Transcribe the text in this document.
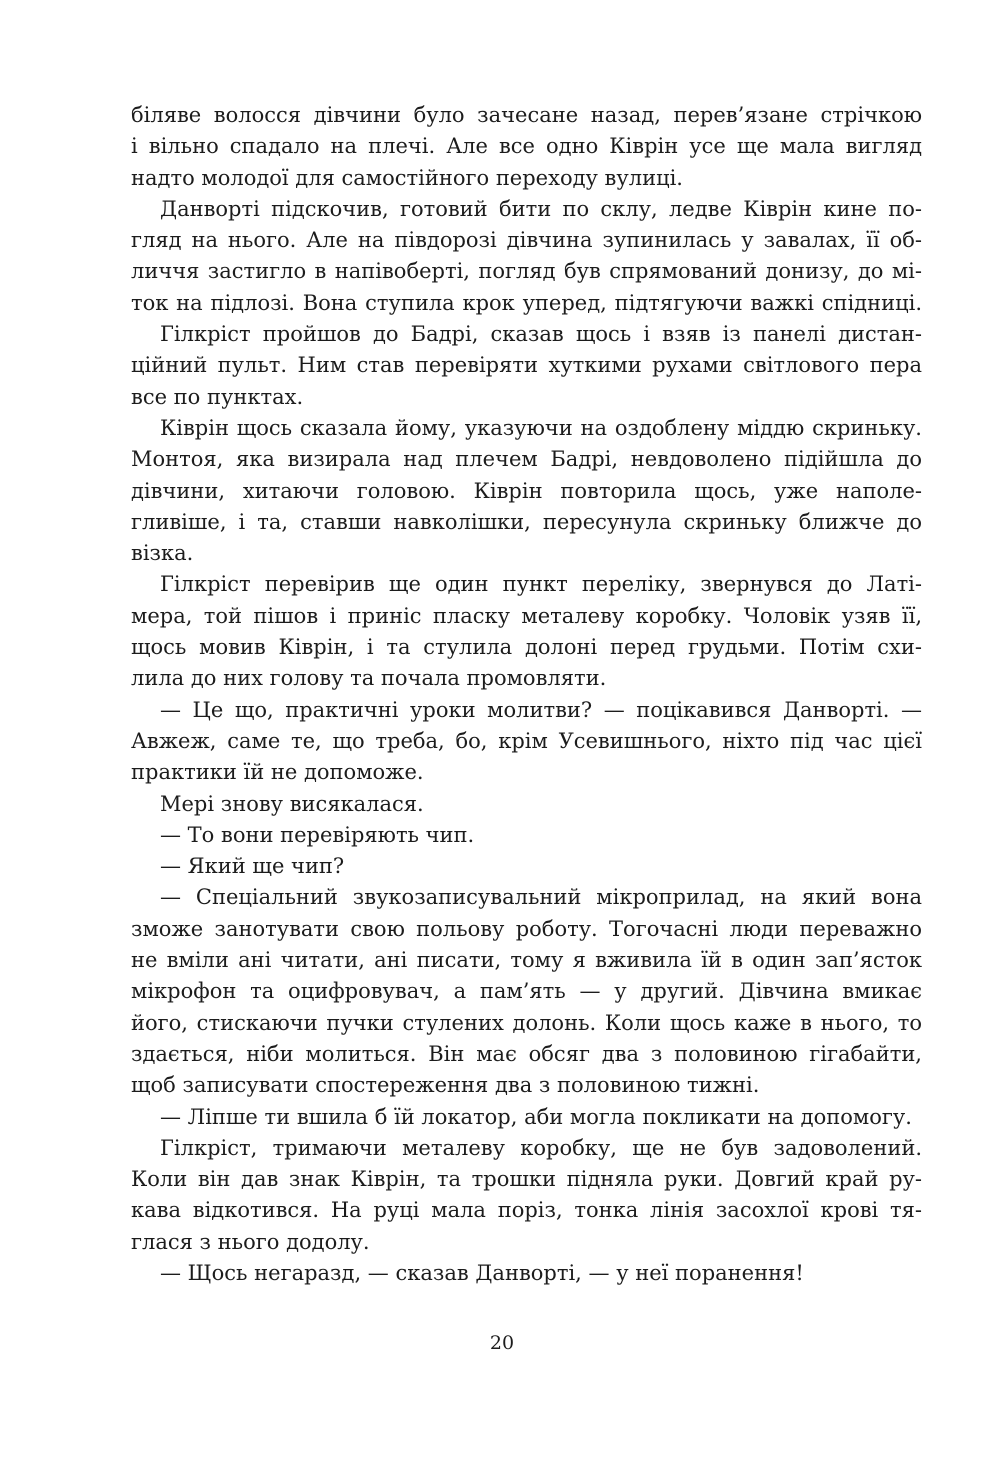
біляве волосся дівчини було зачесане назад, перев’язане стрічкою
і вільно спадало на плечі. Але все одно Ківрін усе ще мала вигляд
надто молодої для самостійного переходу вулиці.
Данворті підскочив, готовий бити по склу, ледве Ківрін кине по-
гляд на нього. Але на півдорозі дівчина зупинилась у завалах, її об-
личчя застигло в напівоберті, погляд був спрямований донизу, до мі-
ток на підлозі. Вона ступила крок уперед, підтягуючи важкі спідниці.
Гілкріст пройшов до Бадрі, сказав щось і взяв із панелі дистан-
ційний пульт. Ним став перевіряти хуткими рухами світлового пера
все по пунктах.
Ківрін щось сказала йому, указуючи на оздоблену міддю скриньку.
Монтоя, яка визирала над плечем Бадрі, невдоволено підійшла до
дівчини, хитаючи головою. Ківрін повторила щось, уже наполе-
гливіше, і та, ставши навколішки, пересунула скриньку ближче до
візка.
Гілкріст перевірив ще один пункт переліку, звернувся до Латі-
мера, той пішов і приніс пласку металеву коробку. Чоловік узяв її,
щось мовив Ківрін, і та стулила долоні перед грудьми. Потім схи-
лила до них голову та почала промовляти.
— Це що, практичні уроки молитви? — поцікавився Данворті. —
Авжеж, саме те, що треба, бо, крім Усевишнього, ніхто під час цієї
практики їй не допоможе.
Мері знову висякалася.
— То вони перевіряють чип.
— Який ще чип?
— Спеціальний звукозаписувальний мікроприлад, на який вона
зможе занотувати свою польову роботу. Тогочасні люди переважно
не вміли ані читати, ані писати, тому я вживила їй в один зап’ясток
мікрофон та оцифровувач, а пам’ять — у другий. Дівчина вмикає
його, стискаючи пучки стулених долонь. Коли щось каже в нього, то
здається, ніби молиться. Він має обсяг два з половиною гігабайти,
щоб записувати спостереження два з половиною тижні.
— Ліпше ти вшила б їй локатор, аби могла покликати на допомогу.
Гілкріст, тримаючи металеву коробку, ще не був задоволений.
Коли він дав знак Ківрін, та трошки підняла руки. Довгий край ру-
кава відкотився. На руці мала поріз, тонка лінія засохлої крові тя-
глася з нього додолу.
— Щось негаразд, — сказав Данворті, — у неї поранення!
20
